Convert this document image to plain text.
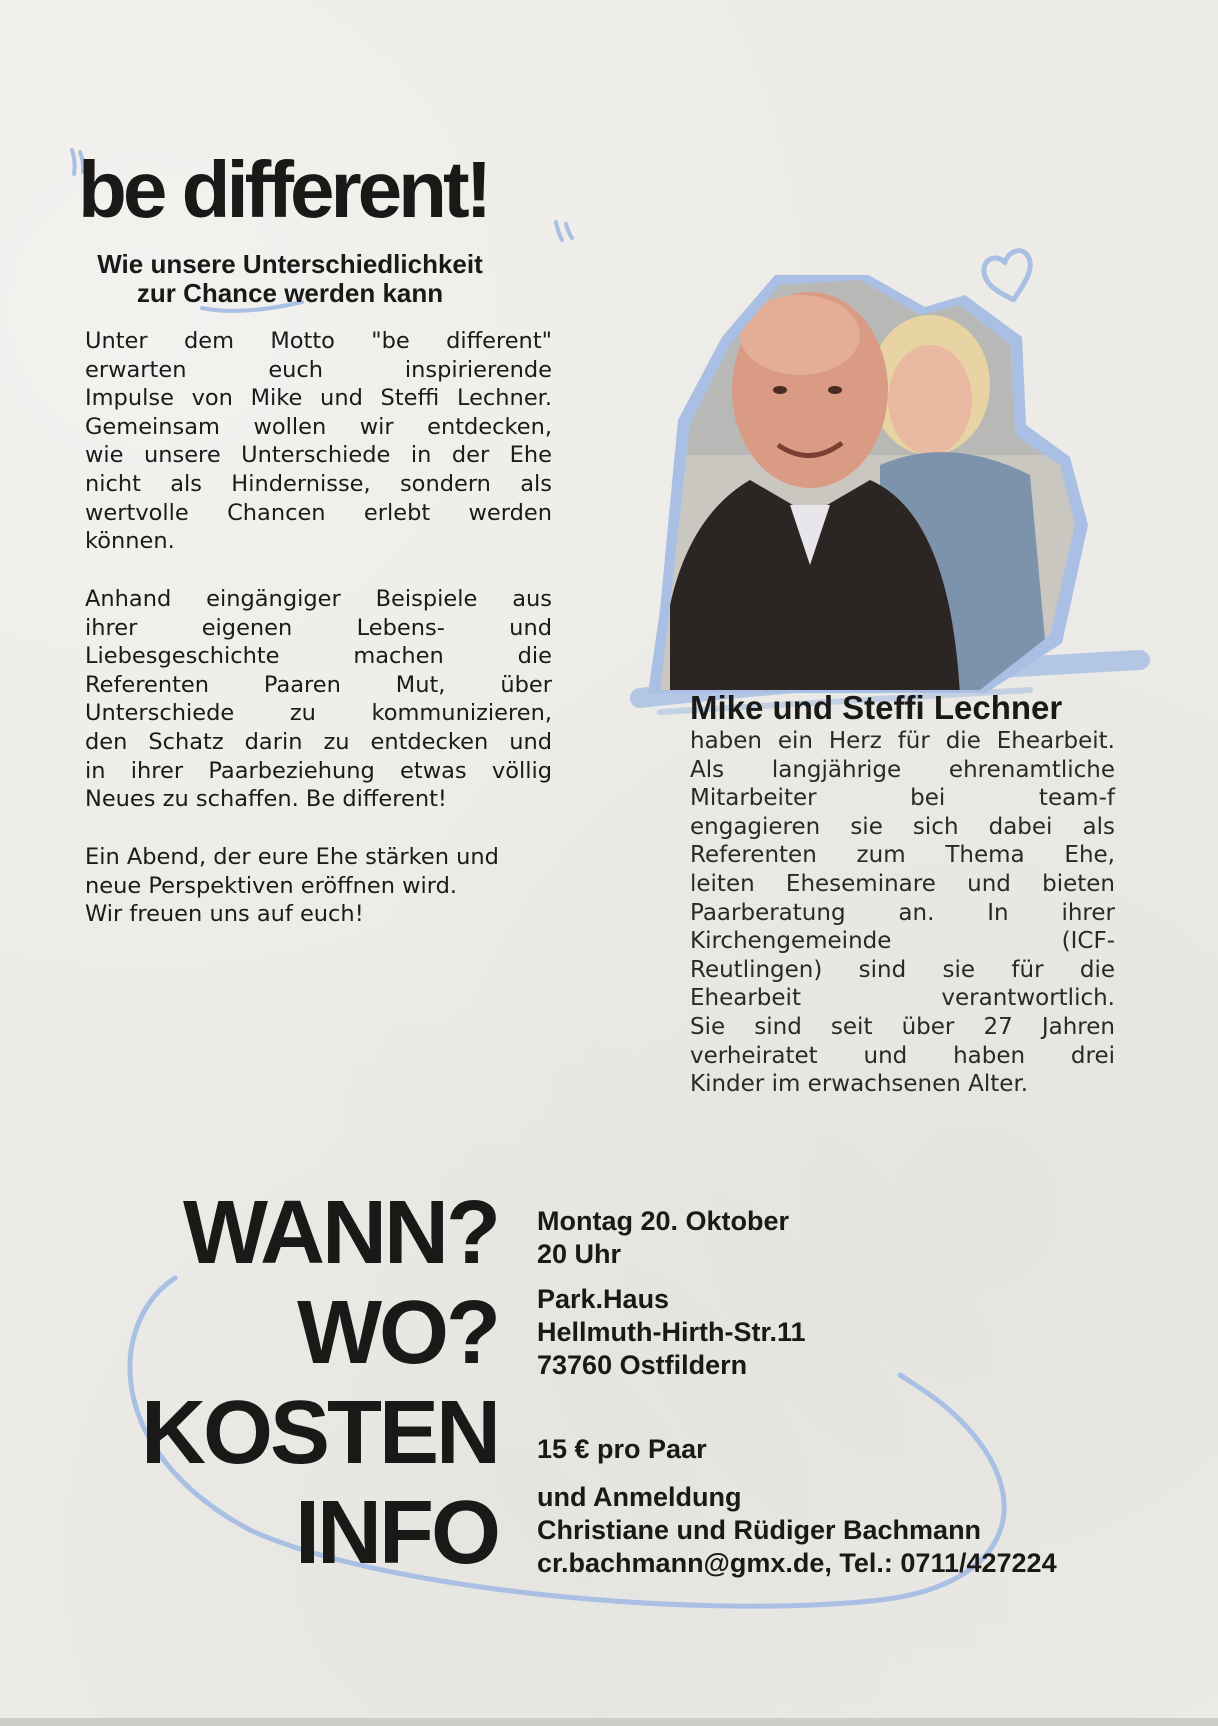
be different!
Wie unsere Unterschiedlichkeit
zur Chance werden kann
Unter dem Motto "be different"
erwarten euch inspirierende
Impulse von Mike und Steffi Lechner.
Gemeinsam wollen wir entdecken,
wie unsere Unterschiede in der Ehe
nicht als Hindernisse, sondern als
wertvolle Chancen erlebt werden
können.
Anhand eingängiger Beispiele aus
ihrer eigenen Lebens- und
Liebesgeschichte machen die
Referenten Paaren Mut, über
Unterschiede zu kommunizieren,
den Schatz darin zu entdecken und
in ihrer Paarbeziehung etwas völlig
Neues zu schaffen. Be different!
Ein Abend, der eure Ehe stärken und
neue Perspektiven eröffnen wird.
Wir freuen uns auf euch!
Mike und Steffi Lechner
haben ein Herz für die Ehearbeit.
Als langjährige ehrenamtliche
Mitarbeiter bei team-f
engagieren sie sich dabei als
Referenten zum Thema Ehe,
leiten Eheseminare und bieten
Paarberatung an. In ihrer
Kirchengemeinde (ICF-
Reutlingen) sind sie für die
Ehearbeit verantwortlich.
Sie sind seit über 27 Jahren
verheiratet und haben drei
Kinder im erwachsenen Alter.
WANN?
WO?
KOSTEN
INFO
Montag 20. Oktober
20 Uhr
Park.Haus
Hellmuth-Hirth-Str.11
73760 Ostfildern
15 € pro Paar
und Anmeldung
Christiane und Rüdiger Bachmann
cr.bachmann@gmx.de, Tel.: 0711/427224
